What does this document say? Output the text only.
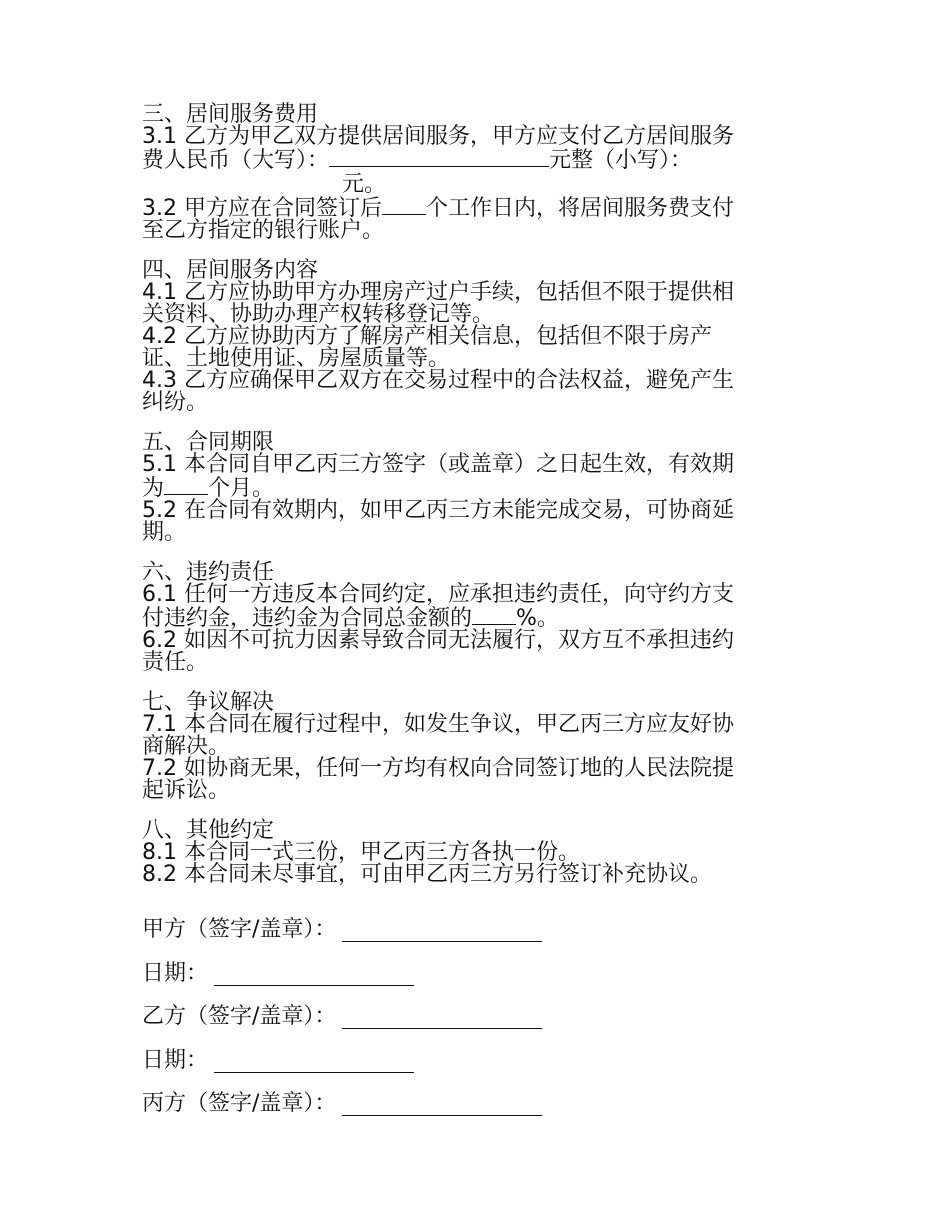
三、居间服务费用
3.1 乙方为甲乙双方提供居间服务，甲方应支付乙方居间服务
费人民币（大写）：	元整（小写）：
元。
3.2 甲方应在合同签订后 个工作日内，将居间服务费支付
至乙方指定的银行账户。
四、居间服务内容
4.1 乙方应协助甲方办理房产过户手续，包括但不限于提供相
关资料、协助办理产权转移登记等。
4.2 乙方应协助丙方了解房产相关信息，包括但不限于房产
证、土地使用证、房屋质量等。
4.3 乙方应确保甲乙双方在交易过程中的合法权益，避免产生
纠纷。
五、合同期限
5.1 本合同自甲乙丙三方签字（或盖章）之日起生效，有效期
为 个月。
5.2 在合同有效期内，如甲乙丙三方未能完成交易，可协商延
期。
六、违约责任
6.1 任何一方违反本合同约定，应承担违约责任，向守约方支
付违约金，违约金为合同总金额的 %。
6.2 如因不可抗力因素导致合同无法履行，双方互不承担违约
责任。
七、争议解决
7.1 本合同在履行过程中，如发生争议，甲乙丙三方应友好协
商解决。
7.2 如协商无果，任何一方均有权向合同签订地的人民法院提
起诉讼。
八、其他约定
8.1 本合同一式三份，甲乙丙三方各执一份。
8.2 本合同未尽事宜，可由甲乙丙三方另行签订补充协议。
甲方（签字/盖章）：
日期：
乙方（签字/盖章）：
日期：
丙方（签字/盖章）：
